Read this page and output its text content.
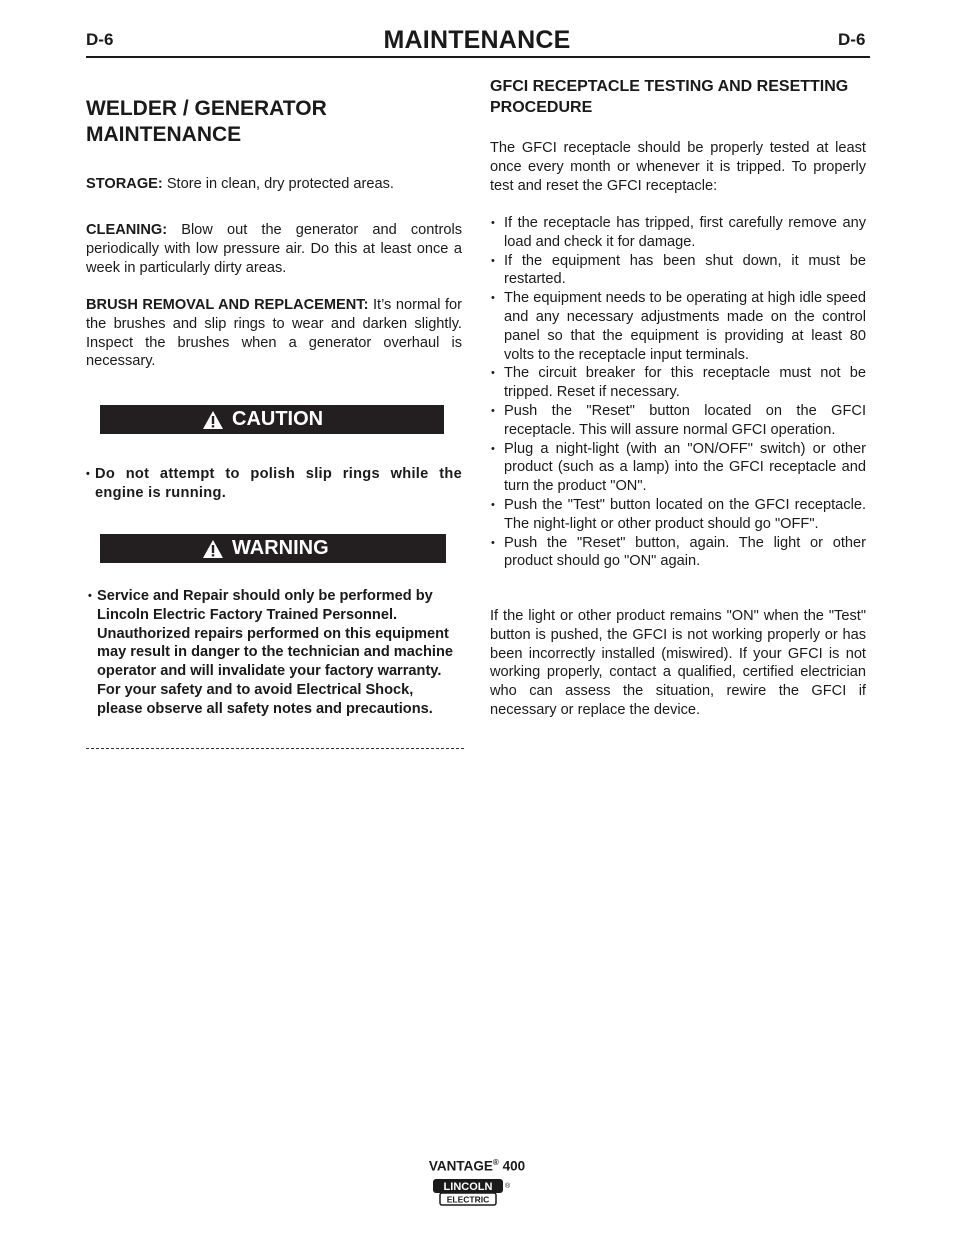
D-6	MAINTENANCE	D-6
WELDER / GENERATOR MAINTENANCE

STORAGE: Store in clean, dry protected areas.

CLEANING: Blow out the generator and controls periodically with low pressure air. Do this at least once a week in particularly dirty areas.

BRUSH REMOVAL AND REPLACEMENT: It’s normal for the brushes and slip rings to wear and darken slightly. Inspect the brushes when a generator overhaul is necessary.

CAUTION

• Do not attempt to polish slip rings while the engine is running.

WARNING

• Service and Repair should only be performed by Lincoln Electric Factory Trained Personnel. Unauthorized repairs performed on this equipment may result in danger to the technician and machine operator and will invalidate your factory warranty. For your safety and to avoid Electrical Shock, please observe all safety notes and precautions.

GFCI RECEPTACLE TESTING AND RESETTING PROCEDURE

The GFCI receptacle should be properly tested at least once every month or whenever it is tripped. To properly test and reset the GFCI receptacle:

• If the receptacle has tripped, first carefully remove any load and check it for damage.
• If the equipment has been shut down, it must be restarted.
• The equipment needs to be operating at high idle speed and any necessary adjustments made on the control panel so that the equipment is providing at least 80 volts to the receptacle input terminals.
• The circuit breaker for this receptacle must not be tripped. Reset if necessary.
• Push the "Reset" button located on the GFCI receptacle. This will assure normal GFCI operation.
• Plug a night-light (with an "ON/OFF" switch) or other product (such as a lamp) into the GFCI receptacle and turn the product "ON".
• Push the "Test" button located on the GFCI receptacle. The night-light or other product should go "OFF".
• Push the "Reset" button, again. The light or other product should go "ON" again.

If the light or other product remains "ON" when the "Test" button is pushed, the GFCI is not working properly or has been incorrectly installed (miswired). If your GFCI is not working properly, contact a qualified, certified electrician who can assess the situation, rewire the GFCI if necessary or replace the device.

VANTAGE® 400
LINCOLN
ELECTRIC
®
